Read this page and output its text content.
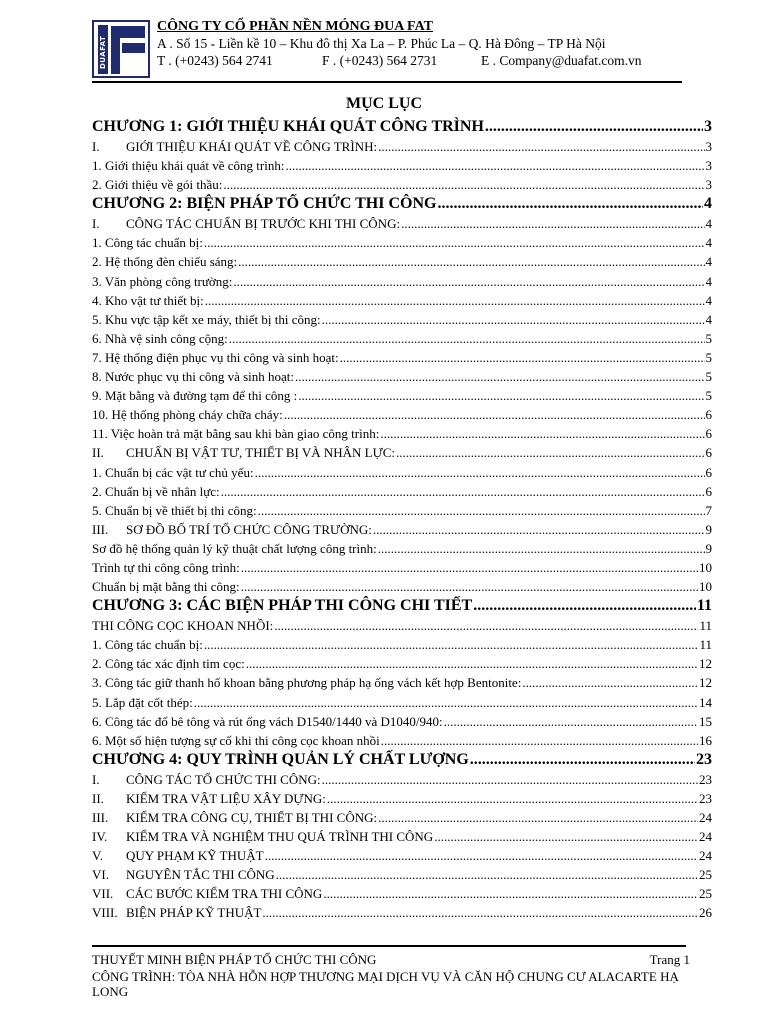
DUAFAT
CÔNG TY CỔ PHẦN NỀN MÓNG ĐUA FAT
A . Số 15 - Liền kề 10 – Khu đô thị Xa La – P. Phúc La – Q. Hà Đông – TP Hà Nội
T . (+0243) 564 2741	F . (+0243) 564 2731	E . Company@duafat.com.vn
MỤC LỤC
CHƯƠNG 1: GIỚI THIỆU KHÁI QUÁT CÔNG TRÌNH .....	3
I. GIỚI THIỆU KHÁI QUÁT VỀ CÔNG TRÌNH: .....	3
1. Giới thiệu khái quát về công trình: .....	3
2. Giới thiệu về gói thầu: .....	3
CHƯƠNG 2: BIỆN PHÁP TỔ CHỨC THI CÔNG .....	4
I. CÔNG TÁC CHUẨN BỊ TRƯỚC KHI THI CÔNG: .....	4
1. Công tác chuẩn bị: .....	4
2. Hệ thống đèn chiếu sáng: .....	4
3. Văn phòng công trường: .....	4
4. Kho vật tư thiết bị: .....	4
5. Khu vực tập kết xe máy, thiết bị thi công: .....	4
6. Nhà vệ sinh công cộng: .....	5
7. Hệ thống điện phục vụ thi công và sinh hoạt: .....	5
8. Nước phục vụ thi công và sinh hoạt: .....	5
9. Mặt bằng và đường tạm để thi công : .....	5
10. Hệ thống phòng cháy chữa cháy: .....	6
11. Việc hoàn trả mặt bằng sau khi bàn giao công trình: .....	6
II. CHUẨN BỊ VẬT TƯ, THIẾT BỊ VÀ NHÂN LỰC: .....	6
1. Chuẩn bị các vật tư chủ yếu: .....	6
2. Chuẩn bị về nhân lực: .....	6
5. Chuẩn bị về thiết bị thi công: .....	7
III. SƠ ĐỒ BỐ TRÍ TỔ CHỨC CÔNG TRƯỜNG: .....	9
Sơ đồ hệ thống quản lý kỹ thuật chất lượng công trình: .....	9
Trình tự thi công công trình: .....	10
Chuẩn bị mặt bằng thi công: .....	10
CHƯƠNG 3: CÁC BIỆN PHÁP THI CÔNG CHI TIẾT .....	11
THI CÔNG CỌC KHOAN NHỒI: .....	11
1. Công tác chuẩn bị: .....	11
2. Công tác xác định tim cọc: .....	12
3. Công tác giữ thanh hố khoan bằng phương pháp hạ ống vách kết hợp Bentonite: .....	12
5. Lắp đặt cốt thép: .....	14
6. Công tác đổ bê tông và rút ống vách D1540/1440 và D1040/940: .....	15
6. Một số hiện tượng sự cố khi thi công cọc khoan nhồi .....	16
CHƯƠNG 4: QUY TRÌNH QUẢN LÝ CHẤT LƯỢNG .....	23
I. CÔNG TÁC TỔ CHỨC THI CÔNG: .....	23
II. KIỂM TRA VẬT LIỆU XÂY DỰNG: .....	23
III. KIỂM TRA CÔNG CỤ, THIẾT BỊ THI CÔNG: .....	24
IV. KIỂM TRA VÀ NGHIỆM THU QUÁ TRÌNH THI CÔNG .....	24
V. QUY PHẠM KỸ THUẬT .....	24
VI. NGUYÊN TẮC THI CÔNG .....	25
VII. CÁC BƯỚC KIỂM TRA THI CÔNG .....	25
VIII. BIỆN PHÁP KỸ THUẬT .....	26
THUYẾT MINH BIỆN PHÁP TỔ CHỨC THI CÔNG	Trang 1
CÔNG TRÌNH: TÒA NHÀ HỖN HỢP THƯƠNG MẠI DỊCH VỤ VÀ CĂN HỘ CHUNG CƯ ALACARTE HẠ LONG
